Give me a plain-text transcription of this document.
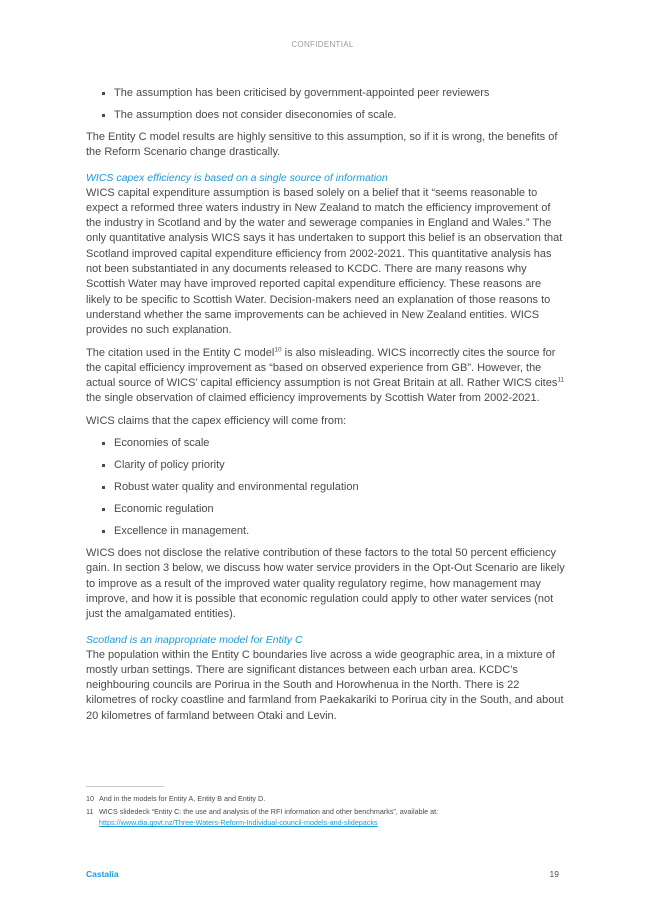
CONFIDENTIAL
The assumption has been criticised by government-appointed peer reviewers
The assumption does not consider diseconomies of scale.

The Entity C model results are highly sensitive to this assumption, so if it is wrong, the benefits of the Reform Scenario change drastically.

WICS capex efficiency is based on a single source of information

WICS capital expenditure assumption is based solely on a belief that it “seems reasonable to expect a reformed three waters industry in New Zealand to match the efficiency improvement of the industry in Scotland and by the water and sewerage companies in England and Wales.” The only quantitative analysis WICS says it has undertaken to support this belief is an observation that Scotland improved capital expenditure efficiency from 2002-2021. This quantitative analysis has not been substantiated in any documents released to KCDC. There are many reasons why Scottish Water may have improved reported capital expenditure efficiency. These reasons are likely to be specific to Scottish Water. Decision-makers need an explanation of those reasons to understand whether the same improvements can be achieved in New Zealand entities. WICS provides no such explanation.

The citation used in the Entity C model$^{10}$ is also misleading. WICS incorrectly cites the source for the capital efficiency improvement as “based on observed experience from GB”. However, the actual source of WICS’ capital efficiency assumption is not Great Britain at all. Rather WICS cites$^{11}$ the single observation of claimed efficiency improvements by Scottish Water from 2002-2021.

WICS claims that the capex efficiency will come from:

Economies of scale
Clarity of policy priority
Robust water quality and environmental regulation
Economic regulation
Excellence in management.

WICS does not disclose the relative contribution of these factors to the total 50 percent efficiency gain. In section 3 below, we discuss how water service providers in the Opt-Out Scenario are likely to improve as a result of the improved water quality regulatory regime, how management may improve, and how it is possible that economic regulation could apply to other water services (not just the amalgamated entities).

Scotland is an inappropriate model for Entity C

The population within the Entity C boundaries live across a wide geographic area, in a mixture of mostly urban settings. There are significant distances between each urban area. KCDC’s neighbouring councils are Porirua in the South and Horowhenua in the North. There is 22 kilometres of rocky coastline and farmland from Paekakariki to Porirua city in the South, and about 20 kilometres of farmland between Otaki and Levin.

10 And in the models for Entity A, Entity B and Entity D.
11 WICS slidedeck “Entity C: the use and analysis of the RFI information and other benchmarks”, available at:
https://www.dia.govt.nz/Three-Waters-Reform-Individual-council-models-and-slidepacks
Castalia	19
